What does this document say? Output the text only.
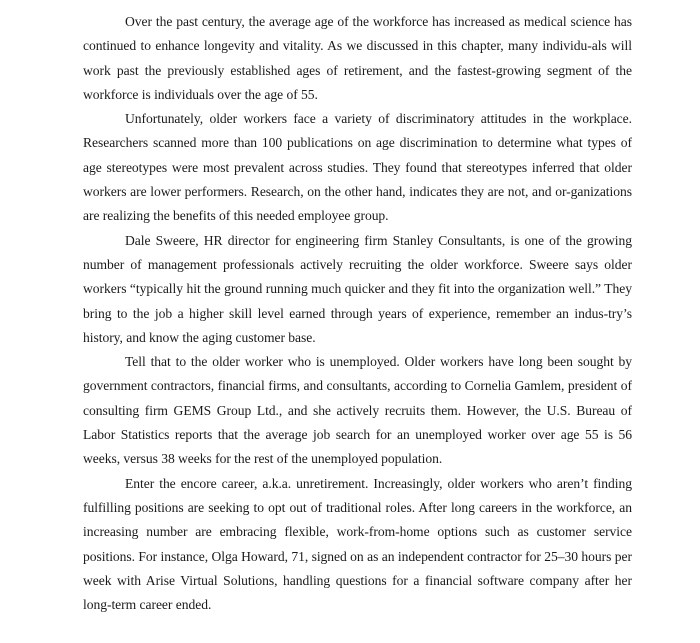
Over the past century, the average age of the workforce has increased as medical science has continued to enhance longevity and vitality. As we discussed in this chapter, many individu-als will work past the previously established ages of retirement, and the fastest-growing segment of the workforce is individuals over the age of 55.

Unfortunately, older workers face a variety of discriminatory attitudes in the workplace. Researchers scanned more than 100 publications on age discrimination to determine what types of age stereotypes were most prevalent across studies. They found that stereotypes inferred that older workers are lower performers. Research, on the other hand, indicates they are not, and or-ganizations are realizing the benefits of this needed employee group.

Dale Sweere, HR director for engineering firm Stanley Consultants, is one of the growing number of management professionals actively recruiting the older workforce. Sweere says older workers “typically hit the ground running much quicker and they fit into the organization well.” They bring to the job a higher skill level earned through years of experience, remember an indus-try’s history, and know the aging customer base.

Tell that to the older worker who is unemployed. Older workers have long been sought by government contractors, financial firms, and consultants, according to Cornelia Gamlem, president of consulting firm GEMS Group Ltd., and she actively recruits them. However, the U.S. Bureau of Labor Statistics reports that the average job search for an unemployed worker over age 55 is 56 weeks, versus 38 weeks for the rest of the unemployed population.

Enter the encore career, a.k.a. unretirement. Increasingly, older workers who aren’t finding fulfilling positions are seeking to opt out of traditional roles. After long careers in the workforce, an increasing number are embracing flexible, work-from-home options such as customer service positions. For instance, Olga Howard, 71, signed on as an independent contractor for 25–30 hours per week with Arise Virtual Solutions, handling questions for a financial software company after her long-term career ended.
